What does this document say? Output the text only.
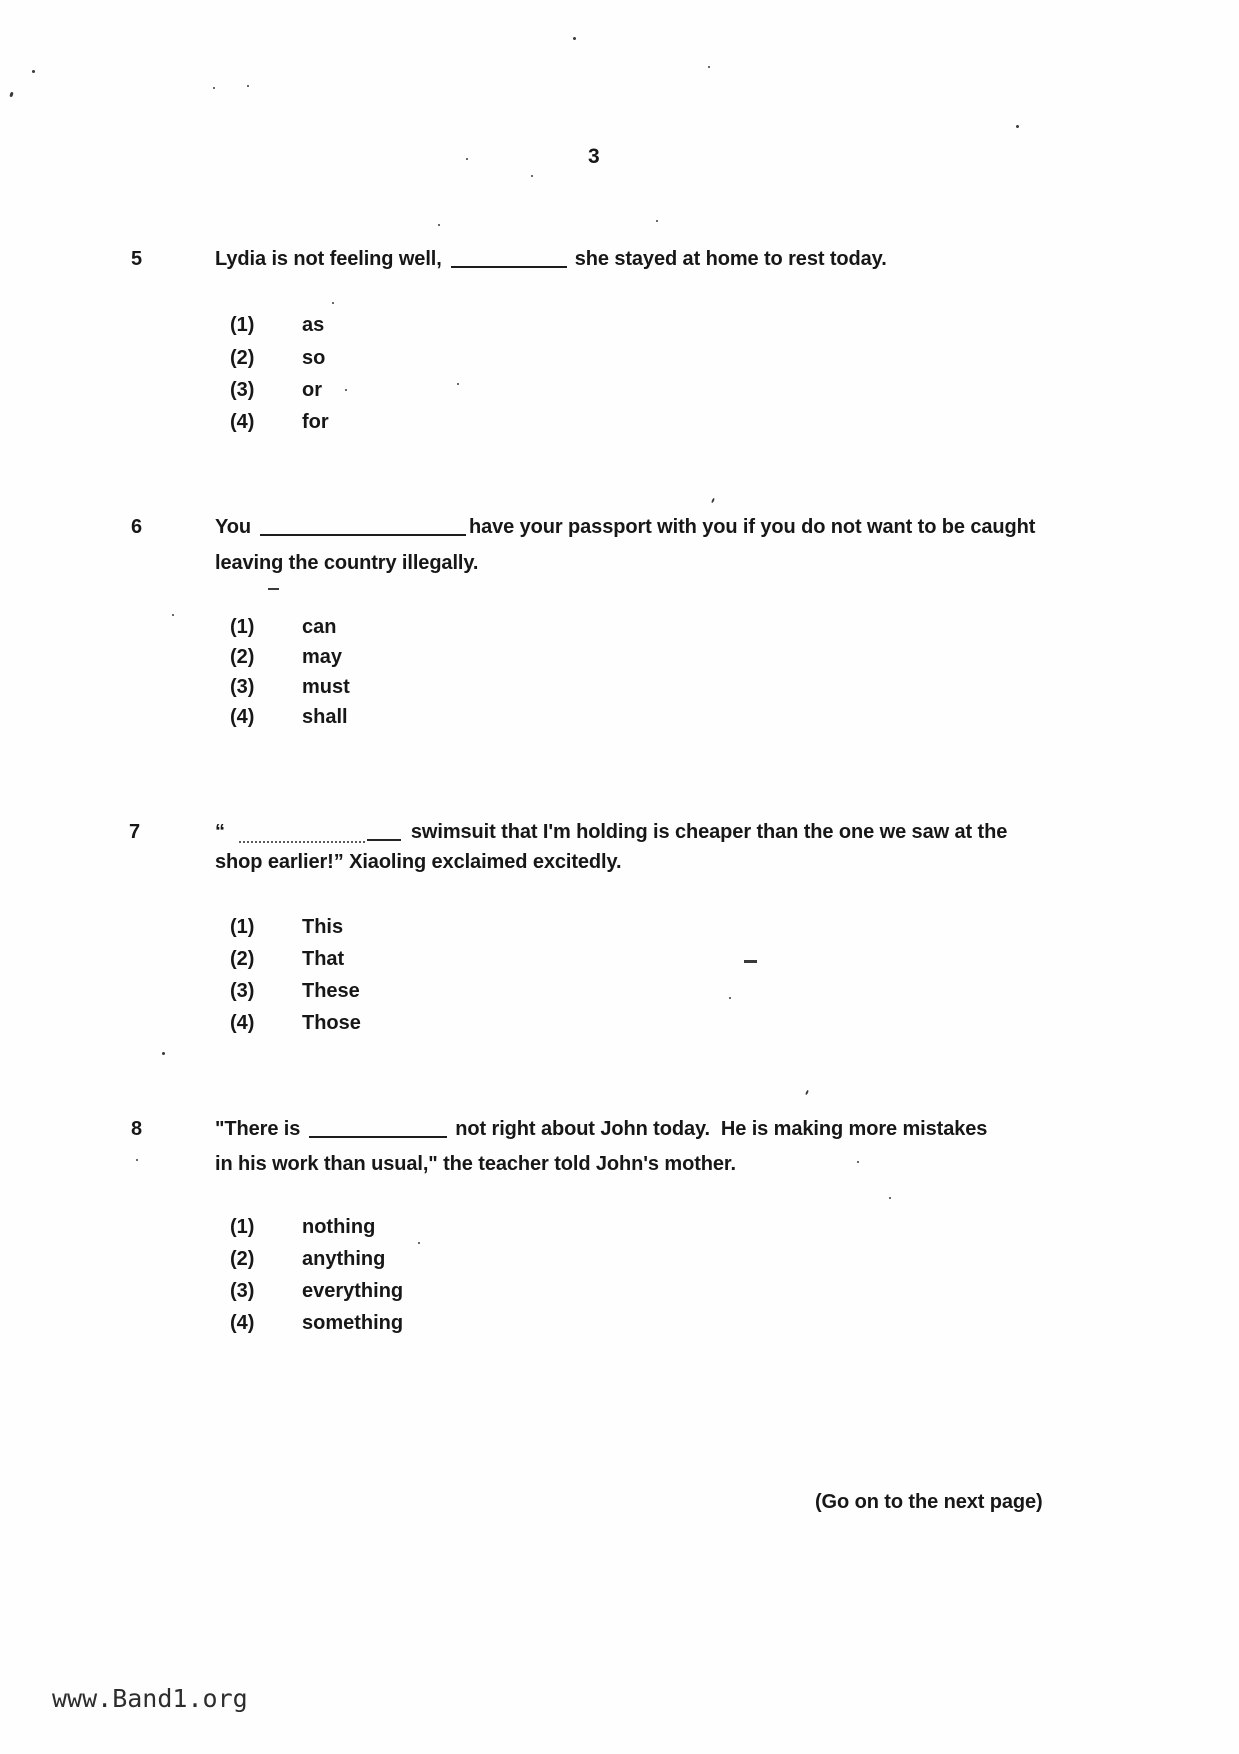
3
5	Lydia is not feeling well,	she stayed at home to rest today.
(1) as
(2) so
(3) or
(4) for
6	You	have your passport with you if you do not want to be caught
leaving the country illegally.
(1) can
(2) may
(3) must
(4) shall
7	“	swimsuit that I'm holding is cheaper than the one we saw at the
shop earlier!” Xiaoling exclaimed excitedly.
(1) This
(2) That
(3) These
(4) Those
8	"There is	not right about John today.  He is making more mistakes
in his work than usual," the teacher told John's mother.
(1) nothing
(2) anything
(3) everything
(4) something
(Go on to the next page)
www.Band1.org
